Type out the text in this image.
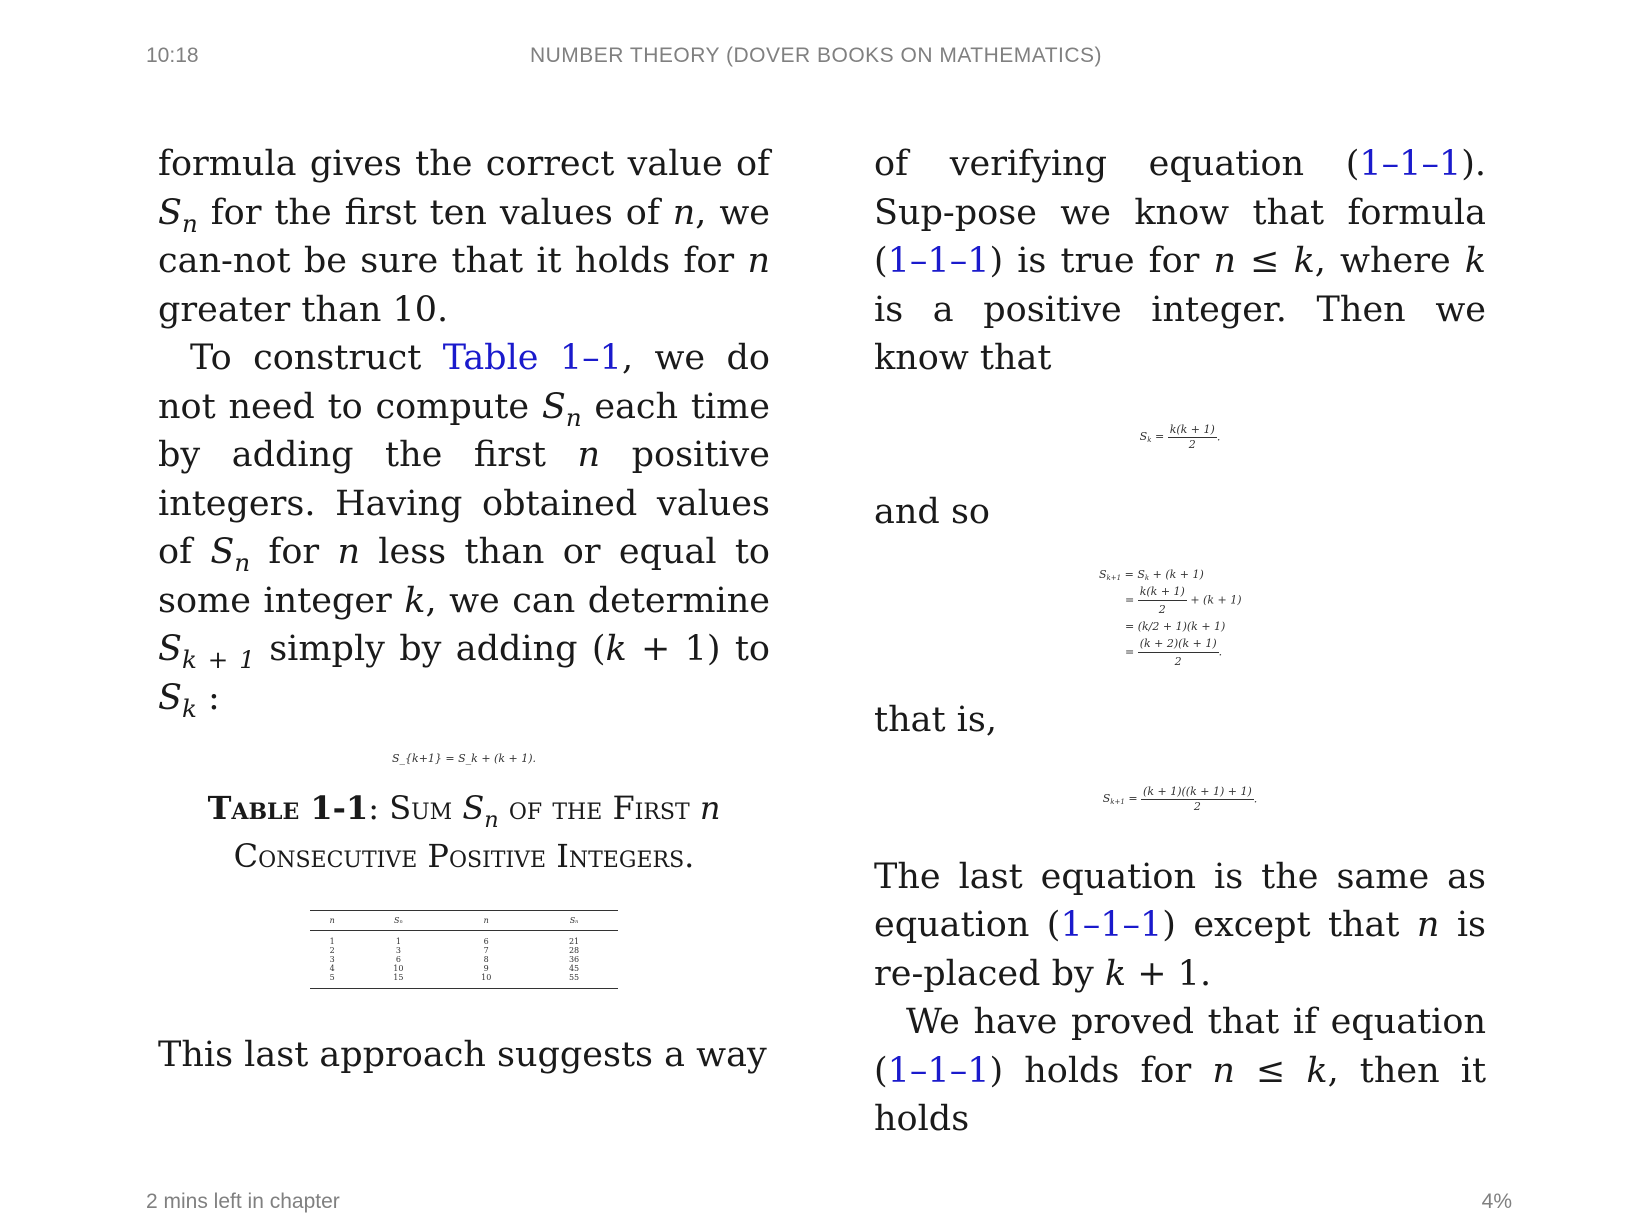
10:18	NUMBER THEORY (DOVER BOOKS ON MATHEMATICS)

formula gives the correct value of $S_n$ for the first ten values of n, we can-not be sure that it holds for n greater than 10.

To construct Table 1–1, we do not need to compute $S_n$ each time by adding the first n positive integers. Having obtained values of $S_n$ for n less than or equal to some integer k, we can determine $S_{k + 1}$ simply by adding (k + 1) to $S_k$ :

S_{k+1} = S_k + (k + 1).
Table 1-1: Sum $S_n$ of the First n
Consecutive Positive Integers.
n	Sₙ	n	Sₙ
1	1	6	21
2	3	7	28
3	6	8	36
4	10	9	45
5	15	10	55

This last approach suggests a way

of verifying equation (1–1–1). Sup-pose we know that formula (1–1–1) is true for n ≤ k, where k is a positive integer. Then we know that

$S_k = \frac{k(k + 1)}{2}$ .

and so

$S_{k+1} = S_k + (k + 1)$
= $\frac{k(k + 1)}{2} + (k + 1)$
= (k/2 + 1)(k + 1)
= $\frac{(k + 2)(k + 1)}{2}$ .

that is,

$S_{k+1} = \frac{(k + 1)((k + 1) + 1)}{2}$ .

The last equation is the same as equation (1–1–1) except that n is re-placed by k + 1.

We have proved that if equation (1–1–1) holds for n ≤ k, then it holds

2 mins left in chapter	4%
